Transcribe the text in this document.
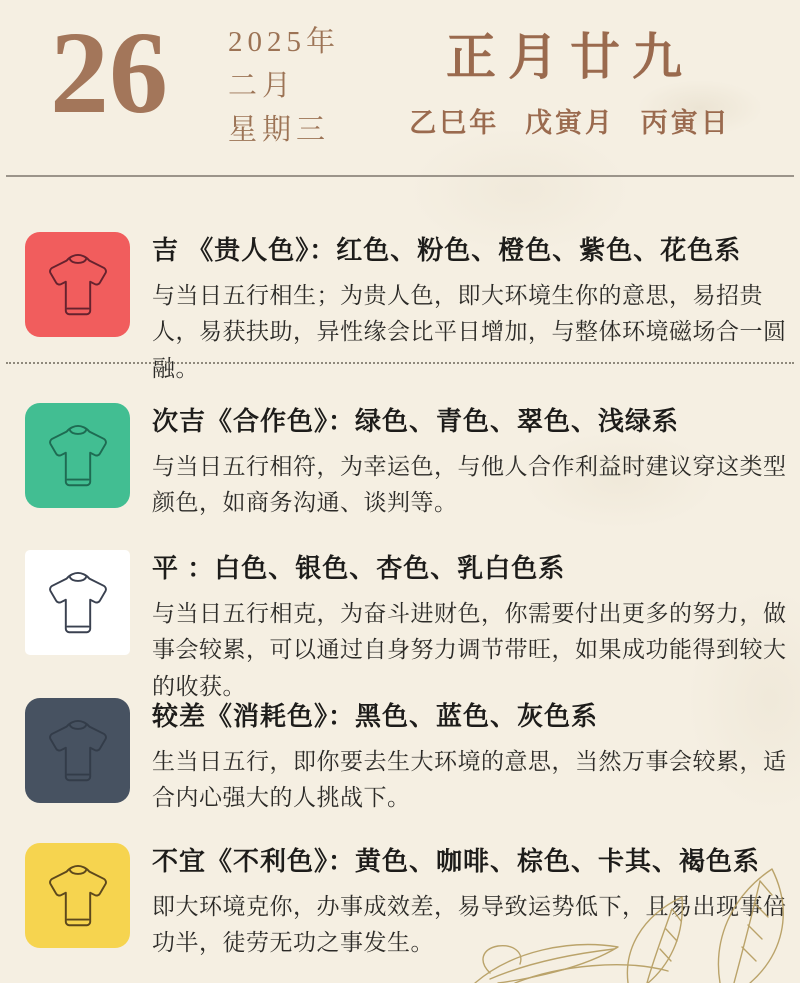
26 2025年
二月
星期三
正月廿九
乙巳年 戊寅月 丙寅日
吉 《贵人色》：红色、粉色、橙色、紫色、花色系
与当日五行相生；为贵人色，即大环境生你的意思，易招贵人，易获扶助，异性缘会比平日增加，与整体环境磁场合一圆融。
次吉《合作色》：绿色、青色、翠色、浅绿系
与当日五行相符，为幸运色，与他人合作利益时建议穿这类型颜色，如商务沟通、谈判等。
平 ：白色、银色、杏色、乳白色系
与当日五行相克，为奋斗进财色，你需要付出更多的努力，做事会较累，可以通过自身努力调节带旺，如果成功能得到较大的收获。
较差《消耗色》：黑色、蓝色、灰色系
生当日五行，即你要去生大环境的意思，当然万事会较累，适合内心强大的人挑战下。
不宜《不利色》：黄色、咖啡、棕色、卡其、褐色系
即大环境克你，办事成效差，易导致运势低下，且易出现事倍功半，徒劳无功之事发生。
